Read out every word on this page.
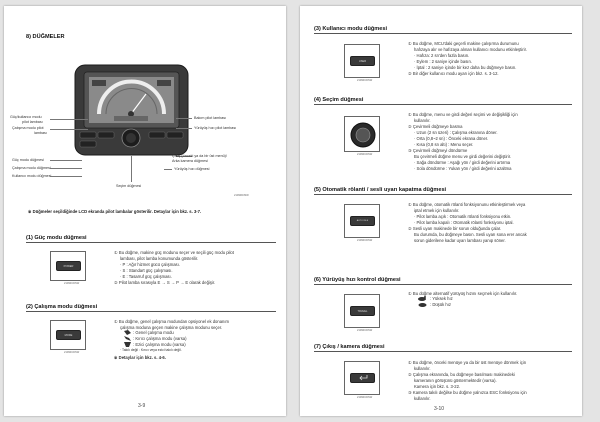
8) DÜĞMELER
Güç/kullanıcı modu
pilot lambası
Çalışma modu pilot
lambası
Güç modu düğmesi
Çalışma modu düğmesi
Kullanıcı modu düğmesi
Bakım pilot lambası
Yürüyüş hızı pilot lambası
Çıkış (önceki ya da bir üst menü)/
Arka kamera düğmesi
Yürüyüş hızı düğmesi
Seçim düğmesi
21090D3SW
※ Düğmeler seçildiğinde LCD ekranda pilot lambalar gösterilir. Detaylar için bkz. s. 3-7.
(1) Güç modu düğmesi
POWER
21090CDSW
① Bu düğme, makine güç modunu seçer ve seçili güç modu pilot
lambası, pilot lamba konumunda gösterilir.
· P : Ağır hizmet gücü çalışması.
· S : Standart güç çalışması.
· E : Tasarruf güç çalışması.
② Pilot lamba sırasıyla E → S → P → E olarak değişir.
(2) Çalışma modu düğmesi
MODE
21090CDSW
① Bu düğme, genel çalışma modundan opsiyonel ek donanım
çalışma moduna geçen makine çalışma modunu seçer.
: Genel çalışma modu
: Kırıcı çalışma modu (varsa)
: Ezici çalışma modu (varsa)
· Takılı değil : Kırıcı veya ezici takılı değil.
※ Detaylar için bkz. s. 4-6.
3-9
(3) Kullanıcı modu düğmesi
USER
21090CDSW
① Bu düğme, MCU'daki geçerli makine çalışırma durumunu
hafızaya alır ve hafızaya alınan kullanıcı modunu etkinleştirir.
· Hafıza: 2 sn'den fazla basın.
· Eylem : 2 saniye içinde basın.
· İptal : 2 saniye içinde bir kez daha bu düğmeye basın.
② Bir diğer kullanıcı modu ayarı için bkz. s. 3-12.
(4) Seçim düğmesi
21090CDSW
① Bu düğme, menu ve girdi değeri seçimi ve değişikliği için
kullanılır.
② Çevirmeli düğmeye basma
· Uzun (2 sn üzeri) : Çalışma ekranına döner.
· Orta (0,8~2 sn) : Önceki ekrana döner.
· Kısa (0,8 sn altı) : Menu seçer.
③ Çevirmeli düğmeyi döndürme
Bu çevirmeli düğme menu ve girdi değerini değiştirir.
· Sağa döndürme : Aşağı yön / girdi değerini artırma
· Sola döndürme : Yukarı yön / girdi değerini azaltma
(5) Otomatik rölanti / sesli uyarı kapatma düğmesi
AUTO IDLE
21090CDSW
① Bu düğme, otomatik rölanti fonksiyonunu etkinleştirmek veya
iptal etmek için kullanılır.
· Pilot lamba açık : Otomatik rölanti fonksiyonu etkin.
· Pilot lamba kapalı : Otomatik rölanti fonksiyonu iptal.
② Sesli uyarı makinede bir sorun olduğunda çalar.
Bu durumda, bu düğmeye basın. Sesli uyarı sona erer ancak
sorun giderilene kadar uyarı lambası yanıp söner.
(6) Yürüyüş hızı kontrol düğmesi
TRAVEL
21090CDSW
① Bu düğme alternatif yürüyüş hızını seçmek için kullanılır.
: Yüksek hız
: Düşük hız
(7) Çıkış / kamera düğmesi
21090CDSW
① Bu düğme, önceki menüye ya da bir üst menüye dönmek için
kullanılır.
② Çalışma ekranında, bu düğmeye basılması makinedeki
kameranın görüşünü göstermektedir (varsa).
Kamera için bkz. s. 3-22.
③ Kamera takılı değilse bu düğme yalnızca ESC fonksiyonu için
kullanılır.
3-10
